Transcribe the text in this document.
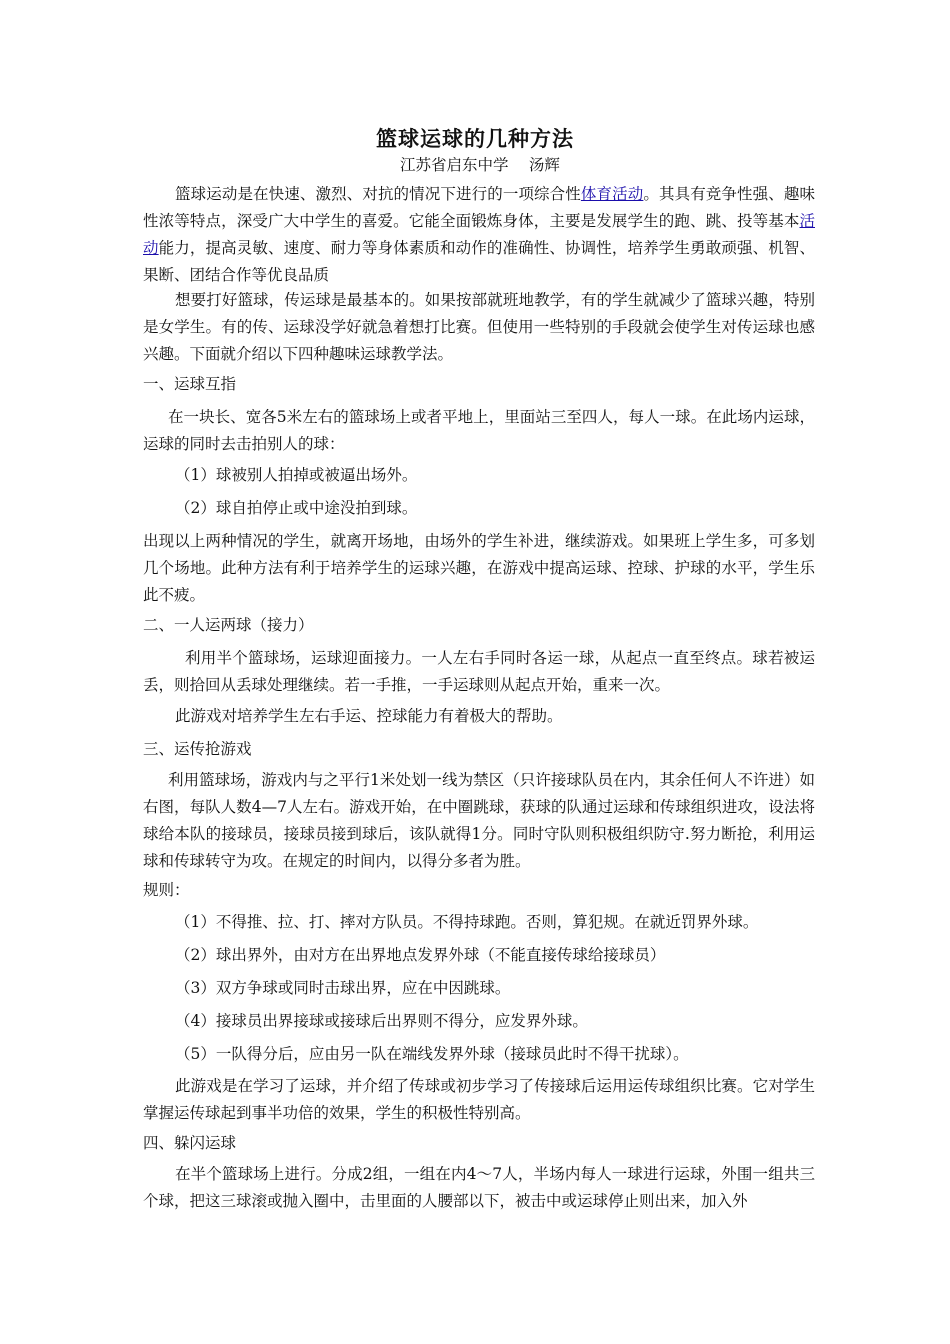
篮球运球的几种方法
江苏省启东中学　 汤辉
篮球运动是在快速、激烈、对抗的情况下进行的一项综合性体育活动。其具有竞争性强、趣味性浓等特点，深受广大中学生的喜爱。它能全面锻炼身体，主要是发展学生的跑、跳、投等基本活动能力，提高灵敏、速度、耐力等身体素质和动作的准确性、协调性，培养学生勇敢顽强、机智、果断、团结合作等优良品质
想要打好篮球，传运球是最基本的。如果按部就班地教学，有的学生就减少了篮球兴趣，特别是女学生。有的传、运球没学好就急着想打比赛。但使用一些特别的手段就会使学生对传运球也感兴趣。下面就介绍以下四种趣味运球教学法。
一、运球互指
在一块长、宽各5米左右的篮球场上或者平地上，里面站三至四人，每人一球。在此场内运球，运球的同时去击拍别人的球：
（1）球被别人拍掉或被逼出场外。
（2）球自拍停止或中途没拍到球。
出现以上两种情况的学生，就离开场地，由场外的学生补进，继续游戏。如果班上学生多，可多划几个场地。此种方法有利于培养学生的运球兴趣，在游戏中提高运球、控球、护球的水平，学生乐此不疲。
二、一人运两球（接力）
利用半个篮球场，运球迎面接力。一人左右手同时各运一球，从起点一直至终点。球若被运丢，则拾回从丢球处理继续。若一手推，一手运球则从起点开始，重来一次。
此游戏对培养学生左右手运、控球能力有着极大的帮助。
三、运传抢游戏
利用篮球场，游戏内与之平行1米处划一线为禁区（只许接球队员在内，其余任何人不许进）如右图，每队人数4—7人左右。游戏开始，在中圈跳球，获球的队通过运球和传球组织进攻，设法将球给本队的接球员，接球员接到球后，该队就得1分。同时守队则积极组织防守.努力断抢，利用运球和传球转守为攻。在规定的时间内，以得分多者为胜。
规则：
（1）不得推、拉、打、摔对方队员。不得持球跑。否则，算犯规。在就近罚界外球。
（2）球出界外，由对方在出界地点发界外球（不能直接传球给接球员）
（3）双方争球或同时击球出界，应在中因跳球。
（4）接球员出界接球或接球后出界则不得分，应发界外球。
（5）一队得分后，应由另一队在端线发界外球（接球员此时不得干扰球）。
此游戏是在学习了运球，并介绍了传球或初步学习了传接球后运用运传球组织比赛。它对学生掌握运传球起到事半功倍的效果，学生的积极性特别高。
四、躲闪运球
在半个篮球场上进行。分成2组，一组在内4～7人，半场内每人一球进行运球，外围一组共三个球，把这三球滚或抛入圈中，击里面的人腰部以下，被击中或运球停止则出来，加入外
